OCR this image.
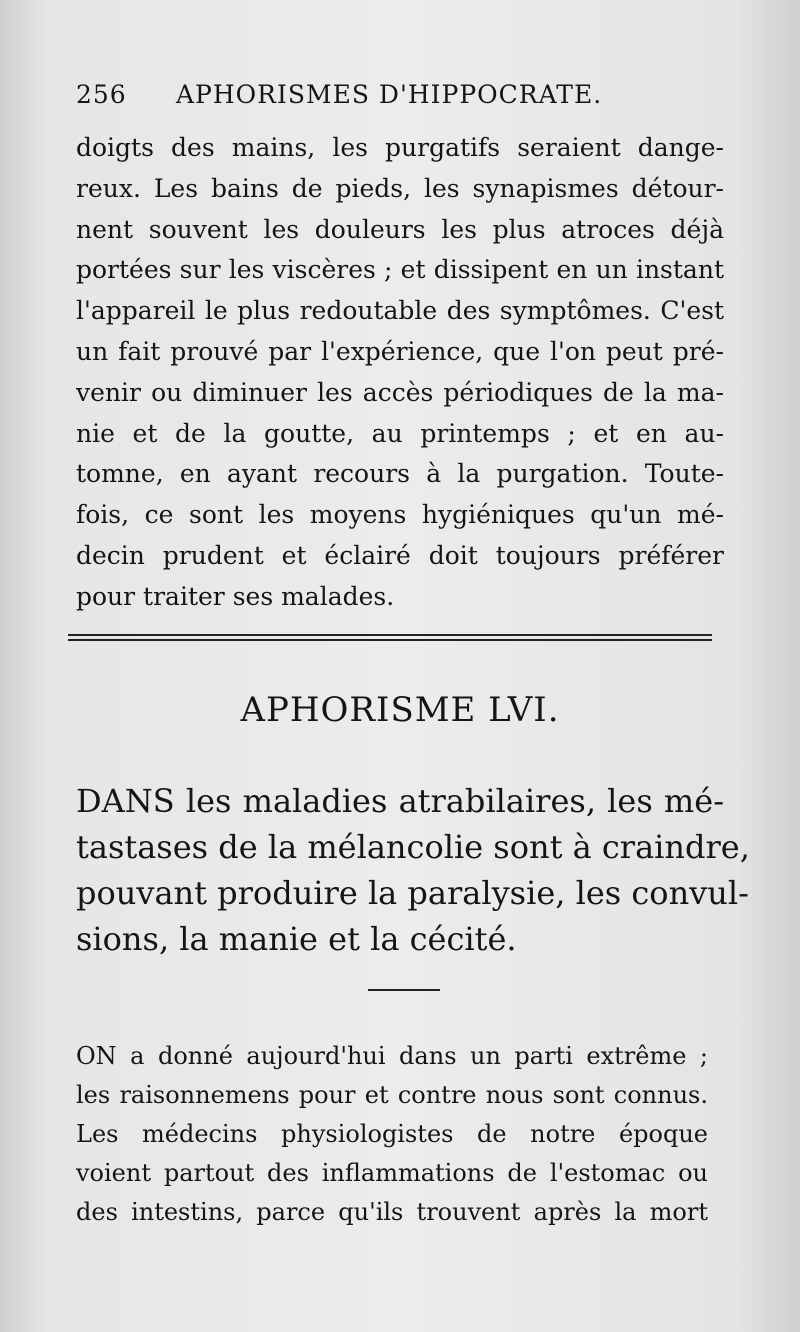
256 APHORISMES D'HIPPOCRATE.
doigts des mains, les purgatifs seraient dange-
reux. Les bains de pieds, les synapismes détour-
nent souvent les douleurs les plus atroces déjà
portées sur les viscères ; et dissipent en un instant
l'appareil le plus redoutable des symptômes. C'est
un fait prouvé par l'expérience, que l'on peut pré-
venir ou diminuer les accès périodiques de la ma-
nie et de la goutte, au printemps ; et en au-
tomne, en ayant recours à la purgation. Toute-
fois, ce sont les moyens hygiéniques qu'un mé-
decin prudent et éclairé doit toujours préférer
pour traiter ses malades.
APHORISME LVI.
DANS les maladies atrabilaires, les mé-
tastases de la mélancolie sont à craindre,
pouvant produire la paralysie, les convul-
sions, la manie et la cécité.
ON a donné aujourd'hui dans un parti extrême ;
les raisonnemens pour et contre nous sont connus.
Les médecins physiologistes de notre époque
voient partout des inflammations de l'estomac ou
des intestins, parce qu'ils trouvent après la mort
